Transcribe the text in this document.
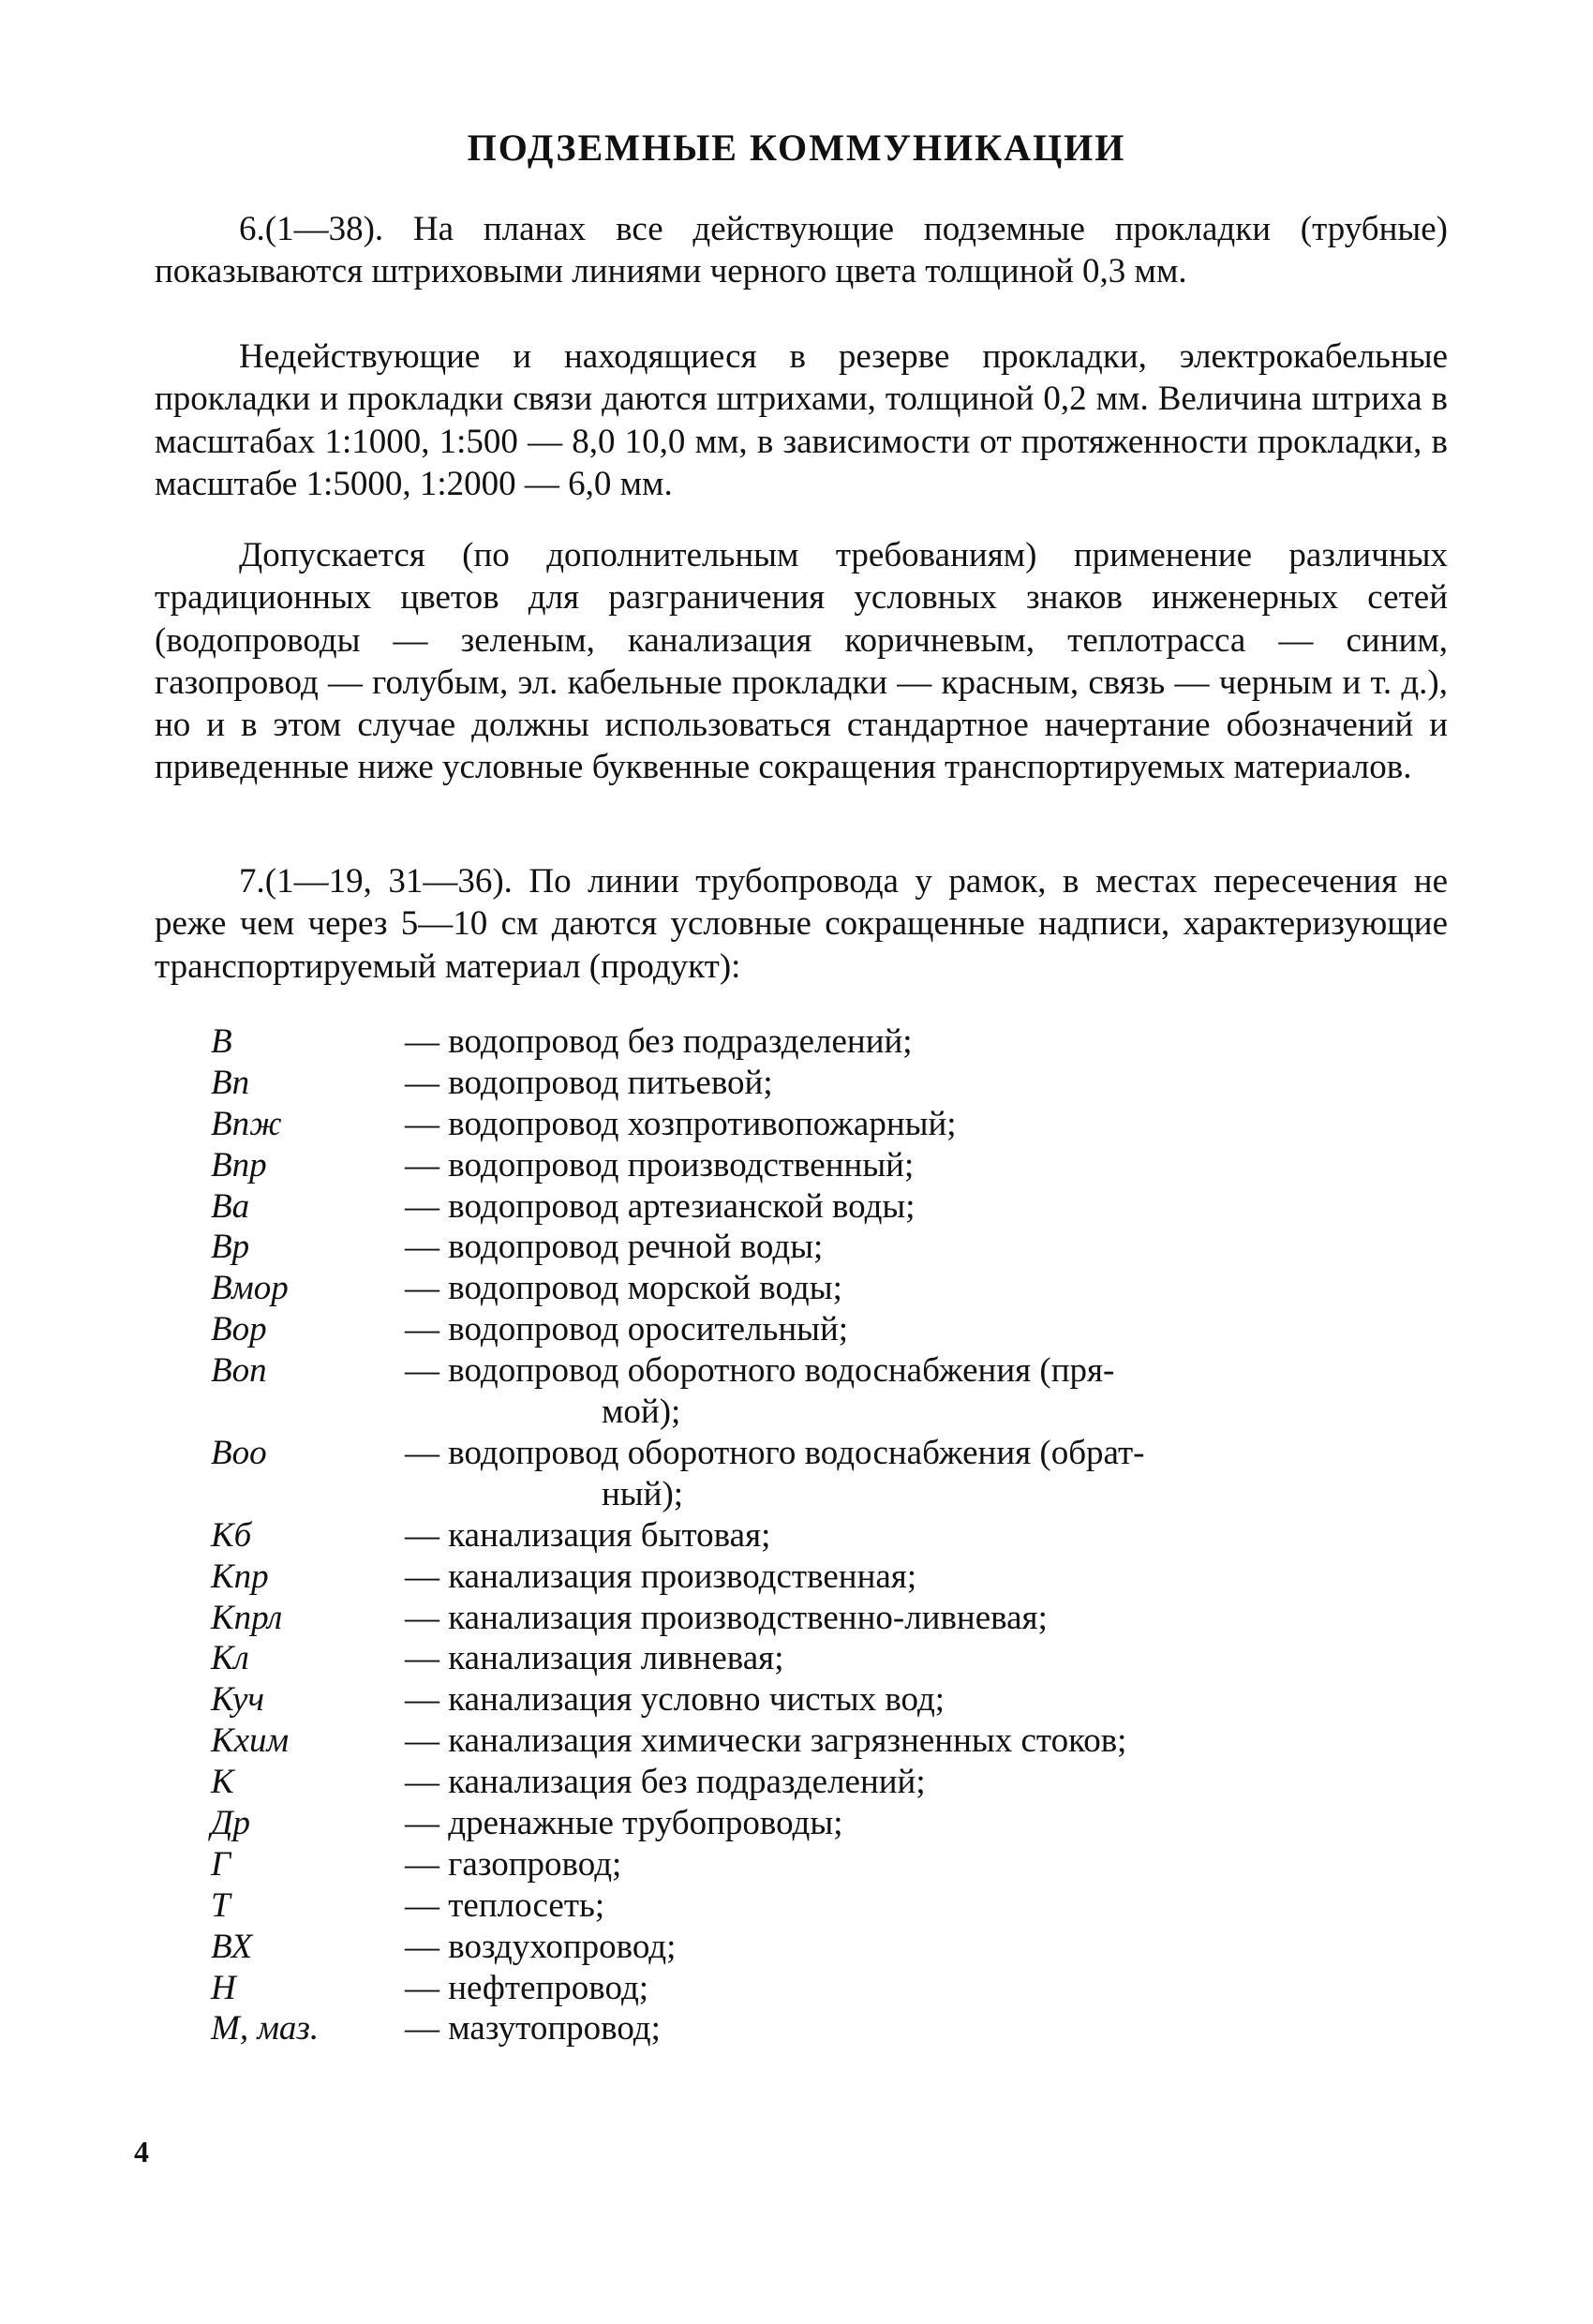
ПОДЗЕМНЫЕ КОММУНИКАЦИИ
6.(1—38). На планах все действующие подземные прокладки (трубные) показываются штриховыми линиями черного цвета толщиной 0,3 мм.
Недействующие и находящиеся в резерве прокладки, электрокабельные прокладки и прокладки связи даются штрихами, толщиной 0,2 мм. Величина штриха в масштабах 1:1000, 1:500 — 8,0 10,0 мм, в зависимости от протяженности прокладки, в масштабе 1:5000, 1:2000 — 6,0 мм.
Допускается (по дополнительным требованиям) применение различных традиционных цветов для разграничения условных знаков инженерных сетей (водопроводы — зеленым, канализация коричневым, теплотрасса — синим, газопровод — голубым, эл. кабельные прокладки — красным, связь — черным и т. д.), но и в этом случае должны использоваться стандартное начертание обозначений и приведенные ниже условные буквенные сокращения транспортируемых материалов.
7.(1—19, 31—36). По линии трубопровода у рамок, в местах пересечения не реже чем через 5—10 см даются условные сокращенные надписи, характеризующие транспортируемый материал (продукт):
В	— водопровод без подразделений;
Вп	— водопровод питьевой;
Впж	— водопровод хозпротивопожарный;
Впр	— водопровод производственный;
Ва	— водопровод артезианской воды;
Вр	— водопровод речной воды;
Вмор	— водопровод морской воды;
Вор	— водопровод оросительный;
Воп	— водопровод оборотного водоснабжения (пря-
мой);
Воо	— водопровод оборотного водоснабжения (обрат-
ный);
Кб	— канализация бытовая;
Кпр	— канализация производственная;
Кпрл	— канализация производственно-ливневая;
Кл	— канализация ливневая;
Куч	— канализация условно чистых вод;
Кхим	— канализация химически загрязненных стоков;
К	— канализация без подразделений;
Др	— дренажные трубопроводы;
Г	— газопровод;
Т	— теплосеть;
ВХ	— воздухопровод;
Н	— нефтепровод;
М, маз. — мазутопровод;
4
